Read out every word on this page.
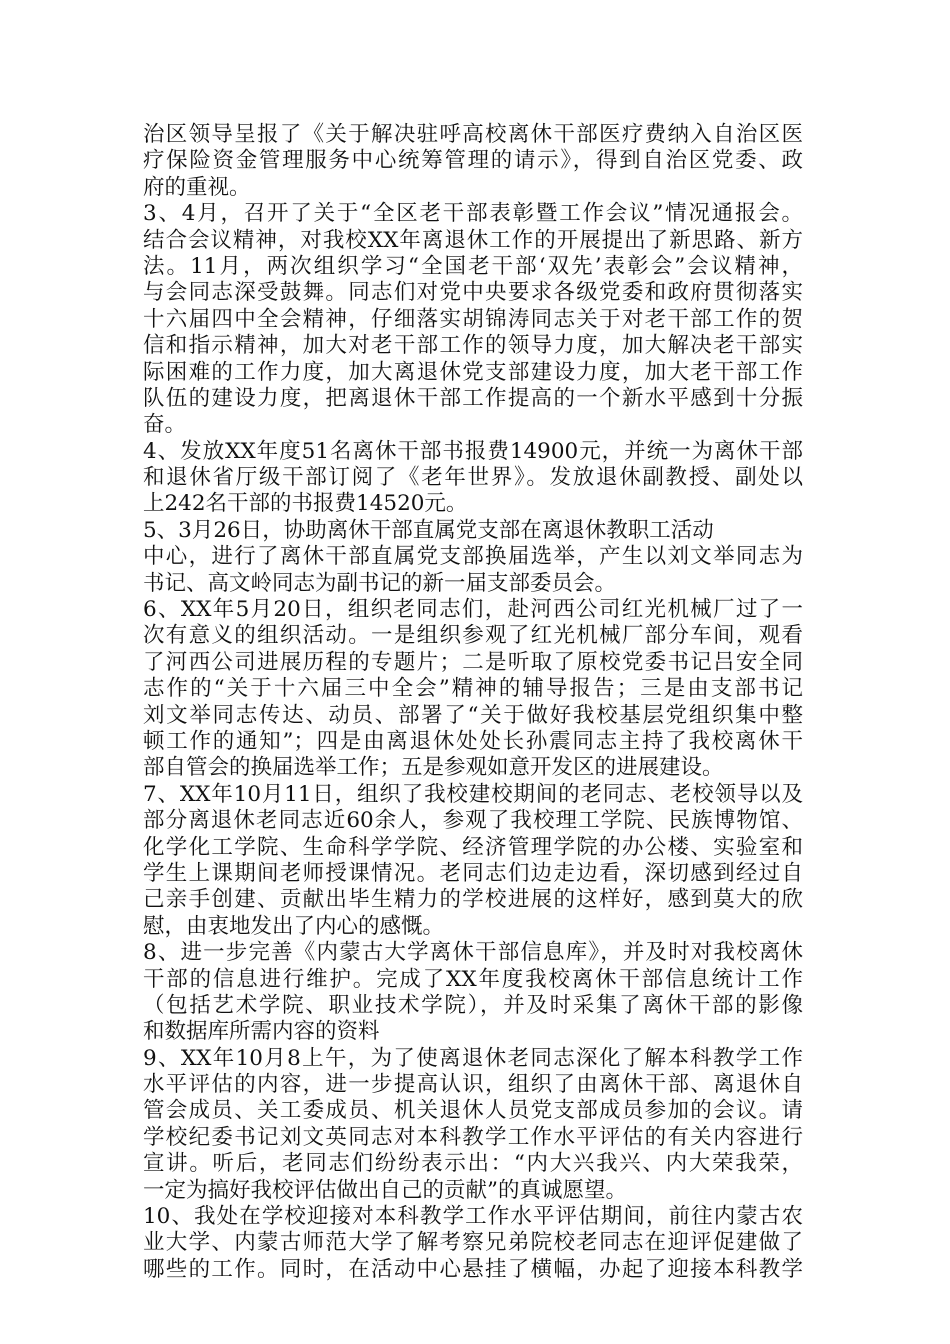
治区领导呈报了《关于解决驻呼高校离休干部医疗费纳入自治区医
疗保险资金管理服务中心统筹管理的请示》，得到自治区党委、政
府的重视。
3、4月，召开了关于“全区老干部表彰暨工作会议”情况通报会。
结合会议精神，对我校XX年离退休工作的开展提出了新思路、新方
法。11月，两次组织学习“全国老干部‘双先’表彰会”会议精神，
与会同志深受鼓舞。同志们对党中央要求各级党委和政府贯彻落实
十六届四中全会精神，仔细落实胡锦涛同志关于对老干部工作的贺
信和指示精神，加大对老干部工作的领导力度，加大解决老干部实
际困难的工作力度，加大离退休党支部建设力度，加大老干部工作
队伍的建设力度，把离退休干部工作提高的一个新水平感到十分振
奋。
4、发放XX年度51名离休干部书报费14900元，并统一为离休干部
和退休省厅级干部订阅了《老年世界》。发放退休副教授、副处以
上242名干部的书报费14520元。
5、3月26日，协助离休干部直属党支部在离退休教职工活动
中心，进行了离休干部直属党支部换届选举，产生以刘文举同志为
书记、高文岭同志为副书记的新一届支部委员会。
6、XX年5月20日，组织老同志们，赴河西公司红光机械厂过了一
次有意义的组织活动。一是组织参观了红光机械厂部分车间，观看
了河西公司进展历程的专题片；二是听取了原校党委书记吕安全同
志作的“关于十六届三中全会”精神的辅导报告；三是由支部书记
刘文举同志传达、动员、部署了“关于做好我校基层党组织集中整
顿工作的通知”；四是由离退休处处长孙震同志主持了我校离休干
部自管会的换届选举工作；五是参观如意开发区的进展建设。
7、XX年10月11日，组织了我校建校期间的老同志、老校领导以及
部分离退休老同志近60余人，参观了我校理工学院、民族博物馆、
化学化工学院、生命科学学院、经济管理学院的办公楼、实验室和
学生上课期间老师授课情况。老同志们边走边看，深切感到经过自
己亲手创建、贡献出毕生精力的学校进展的这样好，感到莫大的欣
慰，由衷地发出了内心的感慨。
8、进一步完善《内蒙古大学离休干部信息库》，并及时对我校离休
干部的信息进行维护。完成了XX年度我校离休干部信息统计工作
（包括艺术学院、职业技术学院），并及时采集了离休干部的影像
和数据库所需内容的资料
9、XX年10月8上午，为了使离退休老同志深化了解本科教学工作
水平评估的内容，进一步提高认识，组织了由离休干部、离退休自
管会成员、关工委成员、机关退休人员党支部成员参加的会议。请
学校纪委书记刘文英同志对本科教学工作水平评估的有关内容进行
宣讲。听后，老同志们纷纷表示出：“内大兴我兴、内大荣我荣，
一定为搞好我校评估做出自己的贡献”的真诚愿望。
10、我处在学校迎接对本科教学工作水平评估期间，前往内蒙古农
业大学、内蒙古师范大学了解考察兄弟院校老同志在迎评促建做了
哪些的工作。同时，在活动中心悬挂了横幅，办起了迎接本科教学
